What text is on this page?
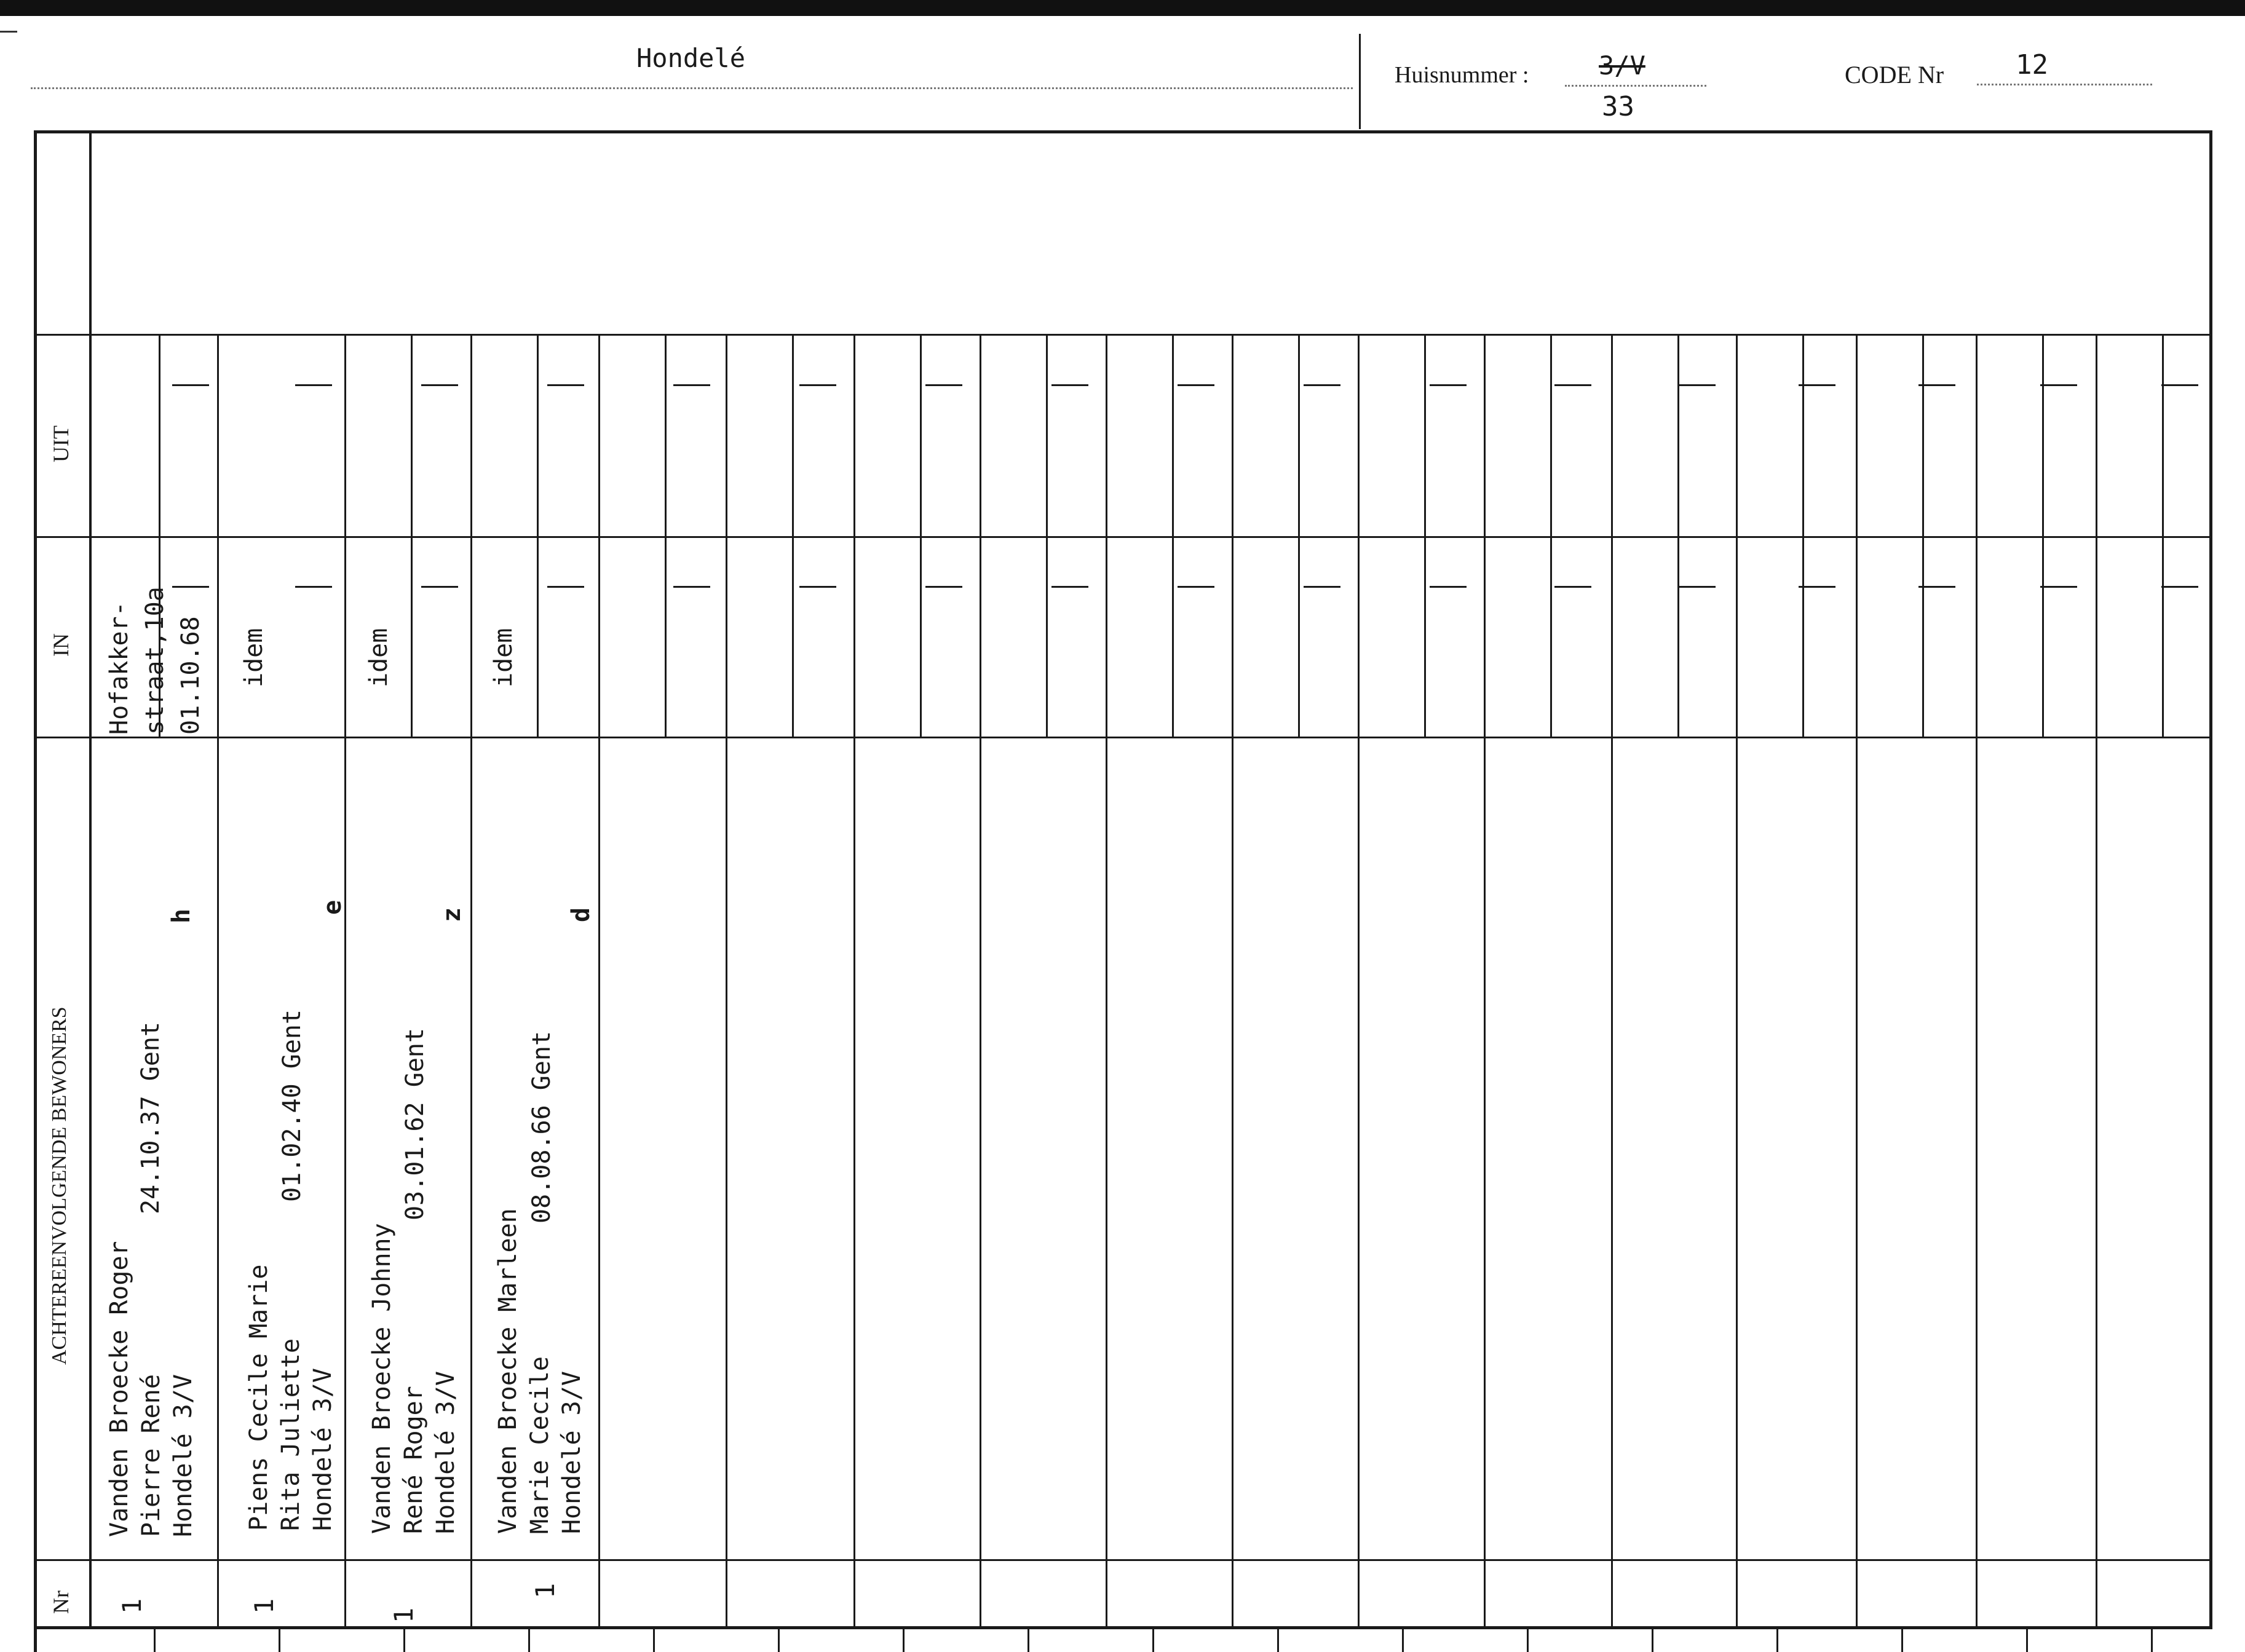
Hondelé
Huisnummer :	3/V
33
CODE Nr	12
UIT
IN
ACHTEREENVOLGENDE BEWONERS
Nr
Hofakker- straat,10a 01.10.68
Vanden Broecke Roger Pierre René Hondelé 3/V
24.10.37 Gent
h
1
idem
Piens Cecile Marie Rita Juliette Hondelé 3/V
01.02.40 Gent
e
1
idem
Vanden Broecke Johnny René Roger Hondelé 3/V
03.01.62 Gent
z
1
idem
Vanden Broecke Marleen Marie Cecile Hondelé 3/V
08.08.66 Gent
d
1
